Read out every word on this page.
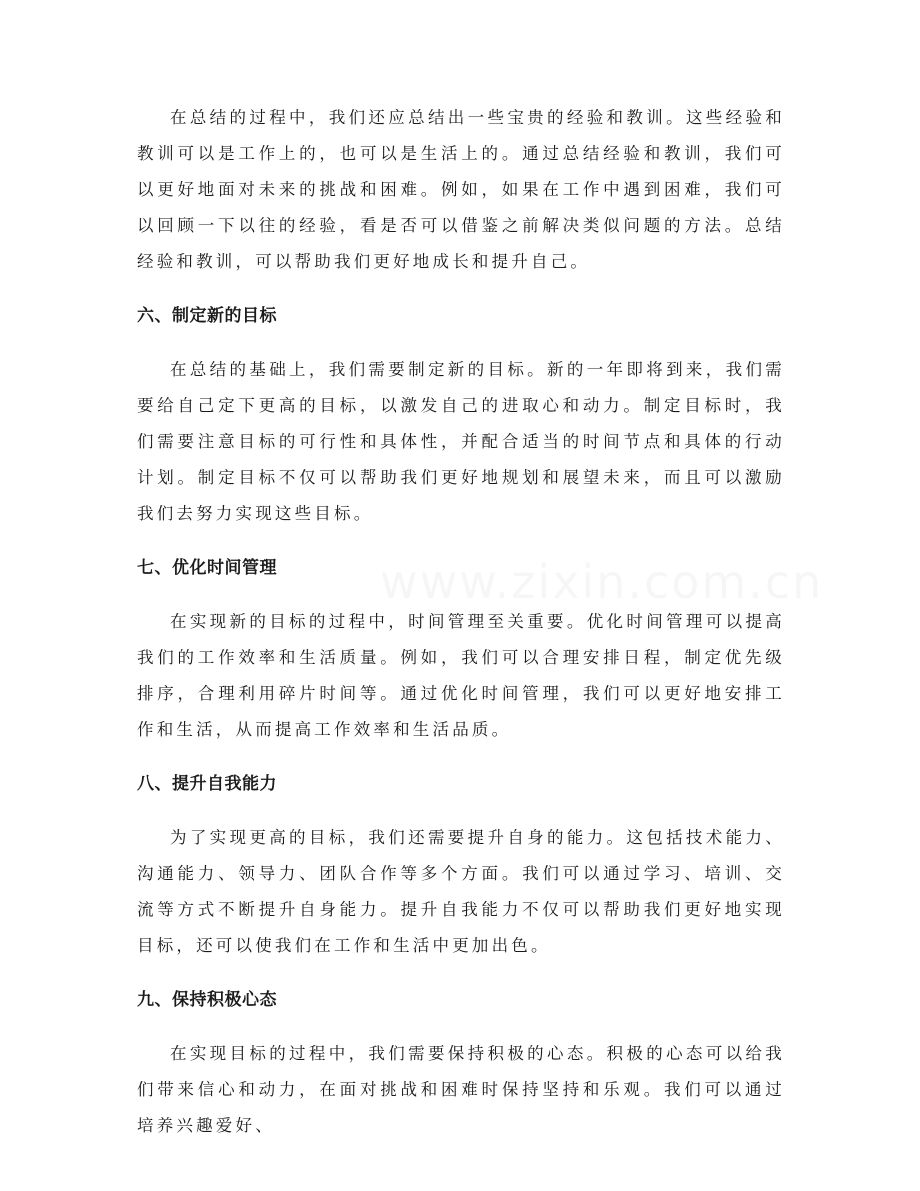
在总结的过程中，我们还应总结出一些宝贵的经验和教训。这些经验和教训可以是工作上的，也可以是生活上的。通过总结经验和教训，我们可以更好地面对未来的挑战和困难。例如，如果在工作中遇到困难，我们可以回顾一下以往的经验，看是否可以借鉴之前解决类似问题的方法。总结经验和教训，可以帮助我们更好地成长和提升自己。

六、制定新的目标

在总结的基础上，我们需要制定新的目标。新的一年即将到来，我们需要给自己定下更高的目标，以激发自己的进取心和动力。制定目标时，我们需要注意目标的可行性和具体性，并配合适当的时间节点和具体的行动计划。制定目标不仅可以帮助我们更好地规划和展望未来，而且可以激励我们去努力实现这些目标。

七、优化时间管理

在实现新的目标的过程中，时间管理至关重要。优化时间管理可以提高我们的工作效率和生活质量。例如，我们可以合理安排日程，制定优先级排序，合理利用碎片时间等。通过优化时间管理，我们可以更好地安排工作和生活，从而提高工作效率和生活品质。

八、提升自我能力

为了实现更高的目标，我们还需要提升自身的能力。这包括技术能力、沟通能力、领导力、团队合作等多个方面。我们可以通过学习、培训、交流等方式不断提升自身能力。提升自我能力不仅可以帮助我们更好地实现目标，还可以使我们在工作和生活中更加出色。

九、保持积极心态

在实现目标的过程中，我们需要保持积极的心态。积极的心态可以给我们带来信心和动力，在面对挑战和困难时保持坚持和乐观。我们可以通过培养兴趣爱好、
